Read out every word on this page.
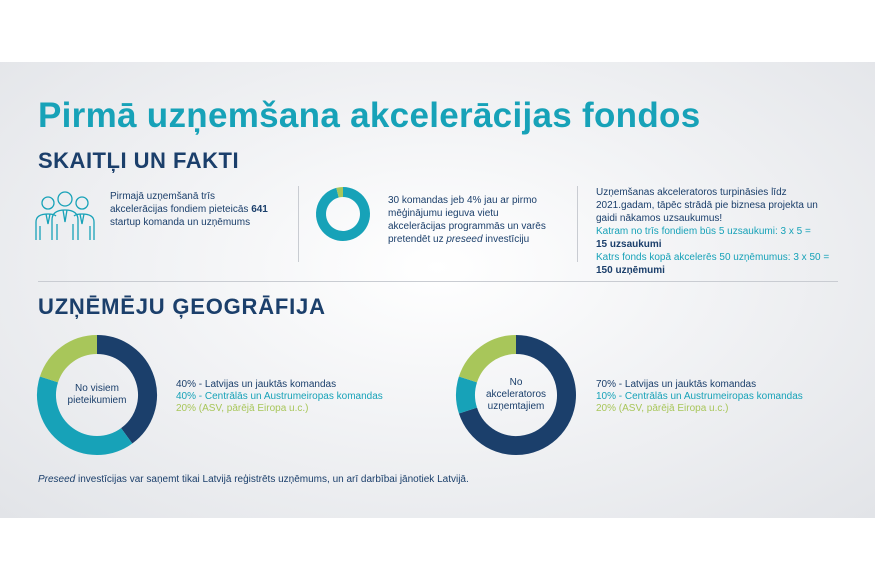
Pirmā uzņemšana akcelerācijas fondos
SKAITĻI UN FAKTI
Pirmajā uzņemšanā trīs
akcelerācijas fondiem pieteicās 641
startup komanda un uzņēmums
30 komandas jeb 4% jau ar pirmo
mēģinājumu ieguva vietu
akcelerācijas programmās un varēs
pretendēt uz preseed investīciju
Uzņemšanas akceleratoros turpināsies līdz
2021.gadam, tāpēc strādā pie biznesa projekta un
gaidi nākamos uzsaukumus!
Katram no trīs fondiem būs 5 uzsaukumi: 3 x 5 =
15 uzsaukumi
Katrs fonds kopā akcelerēs 50 uzņēmumus: 3 x 50 =
150 uzņēmumi
UZŅĒMĒJU ĢEOGRĀFIJA
No visiem
pieteikumiem
40% - Latvijas un jauktās komandas
40% - Centrālās un Austrumeiropas komandas
20% (ASV, pārējā Eiropa u.c.)
No
akceleratoros
uzņemtajiem
70% - Latvijas un jauktās komandas
10% - Centrālās un Austrumeiropas komandas
20% (ASV, pārējā Eiropa u.c.)
Preseed investīcijas var saņemt tikai Latvijā reģistrēts uzņēmums, un arī darbībai jānotiek Latvijā.
